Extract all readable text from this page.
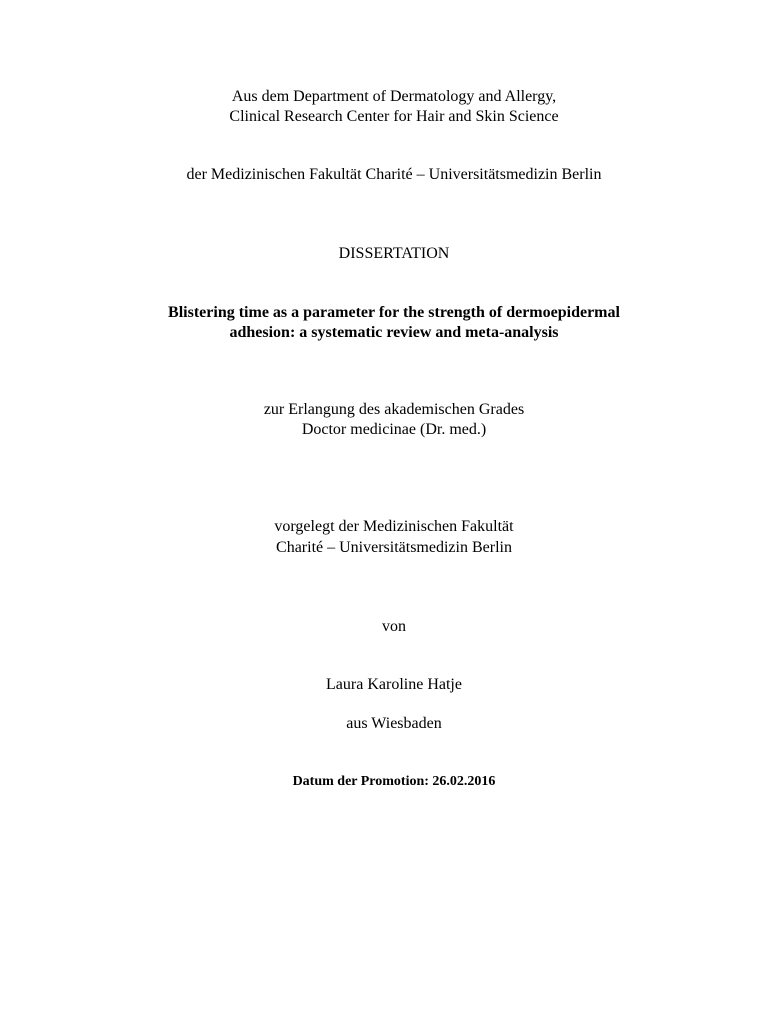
Aus dem Department of Dermatology and Allergy,
Clinical Research Center for Hair and Skin Science
der Medizinischen Fakultät Charité – Universitätsmedizin Berlin
DISSERTATION
Blistering time as a parameter for the strength of dermoepidermal
adhesion: a systematic review and meta-analysis
zur Erlangung des akademischen Grades
Doctor medicinae (Dr. med.)
vorgelegt der Medizinischen Fakultät
Charité – Universitätsmedizin Berlin
von
Laura Karoline Hatje
aus Wiesbaden
Datum der Promotion: 26.02.2016
